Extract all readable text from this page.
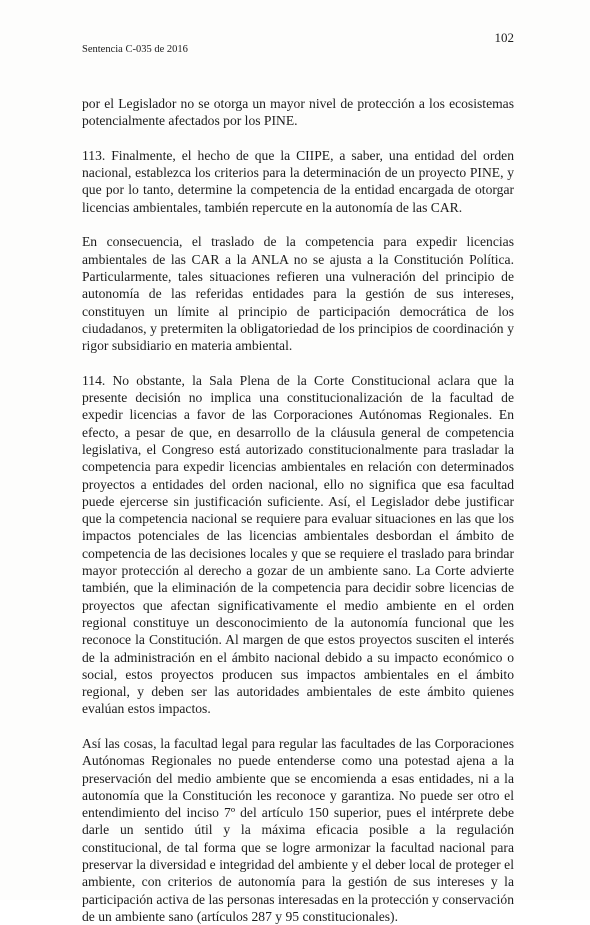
102
Sentencia C-035 de 2016

por el Legislador no se otorga un mayor nivel de protección a los ecosistemas potencialmente afectados por los PINE.

113. Finalmente, el hecho de que la CIIPE, a saber, una entidad del orden nacional, establezca los criterios para la determinación de un proyecto PINE, y que por lo tanto, determine la competencia de la entidad encargada de otorgar licencias ambientales, también repercute en la autonomía de las CAR.

En consecuencia, el traslado de la competencia para expedir licencias ambientales de las CAR a la ANLA no se ajusta a la Constitución Política. Particularmente, tales situaciones refieren una vulneración del principio de autonomía de las referidas entidades para la gestión de sus intereses, constituyen un límite al principio de participación democrática de los ciudadanos, y pretermiten la obligatoriedad de los principios de coordinación y rigor subsidiario en materia ambiental.

114. No obstante, la Sala Plena de la Corte Constitucional aclara que la presente decisión no implica una constitucionalización de la facultad de expedir licencias a favor de las Corporaciones Autónomas Regionales. En efecto, a pesar de que, en desarrollo de la cláusula general de competencia legislativa, el Congreso está autorizado constitucionalmente para trasladar la competencia para expedir licencias ambientales en relación con determinados proyectos a entidades del orden nacional, ello no significa que esa facultad puede ejercerse sin justificación suficiente. Así, el Legislador debe justificar que la competencia nacional se requiere para evaluar situaciones en las que los impactos potenciales de las licencias ambientales desbordan el ámbito de competencia de las decisiones locales y que se requiere el traslado para brindar mayor protección al derecho a gozar de un ambiente sano. La Corte advierte también, que la eliminación de la competencia para decidir sobre licencias de proyectos que afectan significativamente el medio ambiente en el orden regional constituye un desconocimiento de la autonomía funcional que les reconoce la Constitución. Al margen de que estos proyectos susciten el interés de la administración en el ámbito nacional debido a su impacto económico o social, estos proyectos producen sus impactos ambientales en el ámbito regional, y deben ser las autoridades ambientales de este ámbito quienes evalúan estos impactos.

Así las cosas, la facultad legal para regular las facultades de las Corporaciones Autónomas Regionales no puede entenderse como una potestad ajena a la preservación del medio ambiente que se encomienda a esas entidades, ni a la autonomía que la Constitución les reconoce y garantiza. No puede ser otro el entendimiento del inciso 7º del artículo 150 superior, pues el intérprete debe darle un sentido útil y la máxima eficacia posible a la regulación constitucional, de tal forma que se logre armonizar la facultad nacional para preservar la diversidad e integridad del ambiente y el deber local de proteger el ambiente, con criterios de autonomía para la gestión de sus intereses y la participación activa de las personas interesadas en la protección y conservación de un ambiente sano (artículos 287 y 95 constitucionales).
